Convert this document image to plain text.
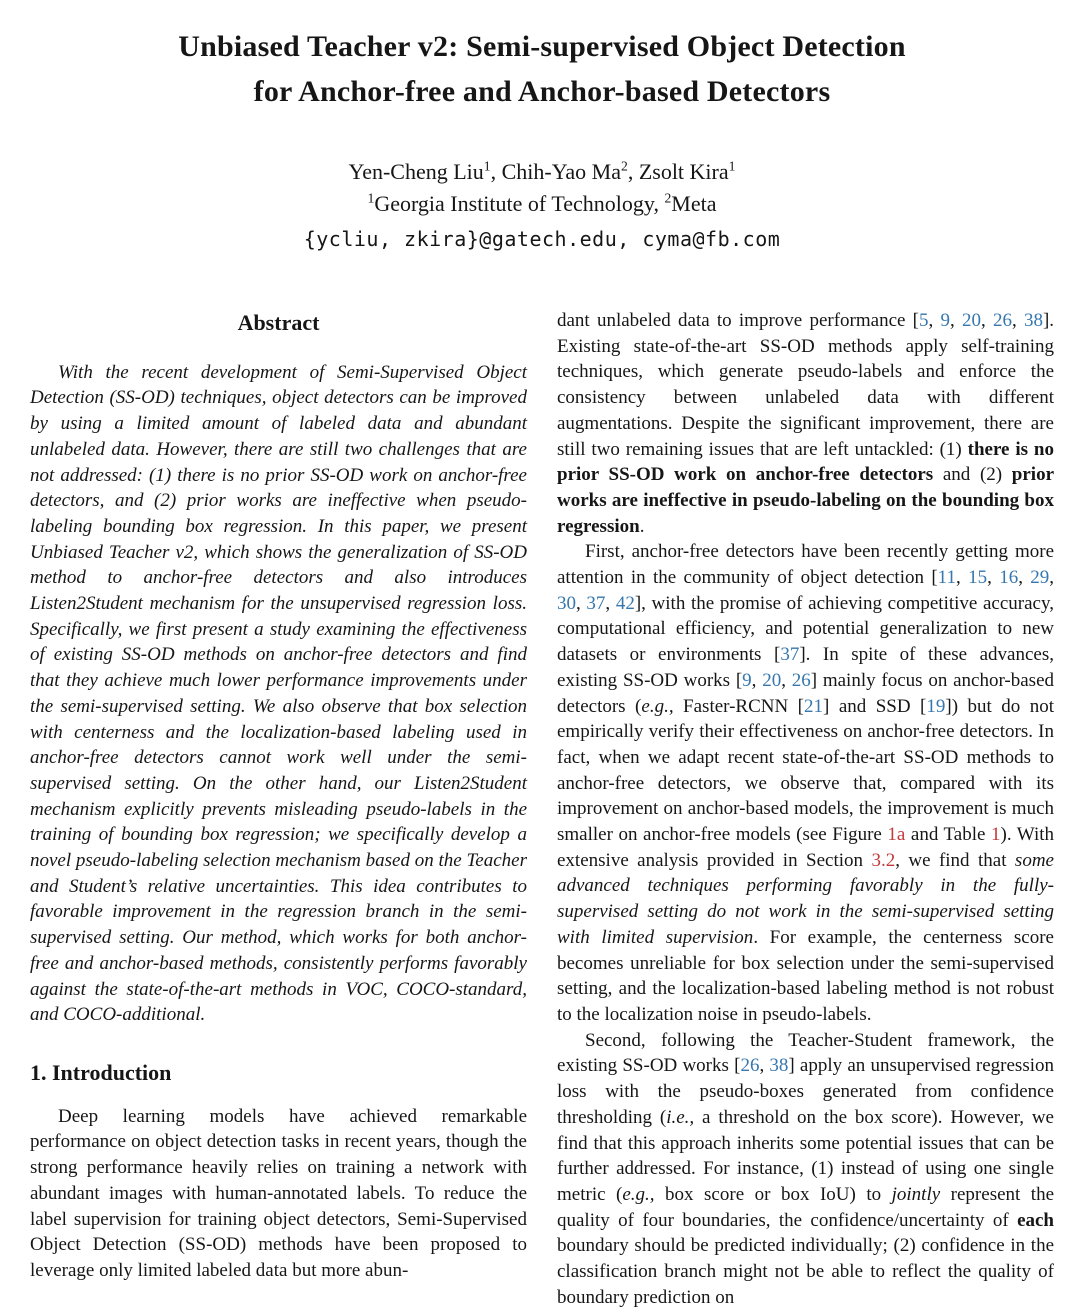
Unbiased Teacher v2: Semi-supervised Object Detection
for Anchor-free and Anchor-based Detectors
Yen-Cheng Liu$^1$, Chih-Yao Ma$^2$, Zsolt Kira$^1$
$^1$Georgia Institute of Technology, $^2$Meta
{ycliu, zkira}@gatech.edu, cyma@fb.com
Abstract

With the recent development of Semi-Supervised Object Detection (SS-OD) techniques, object detectors can be improved by using a limited amount of labeled data and abundant unlabeled data. However, there are still two challenges that are not addressed: (1) there is no prior SS-OD work on anchor-free detectors, and (2) prior works are ineffective when pseudo-labeling bounding box regression. In this paper, we present Unbiased Teacher v2, which shows the generalization of SS-OD method to anchor-free detectors and also introduces Listen2Student mechanism for the unsupervised regression loss. Specifically, we first present a study examining the effectiveness of existing SS-OD methods on anchor-free detectors and find that they achieve much lower performance improvements under the semi-supervised setting. We also observe that box selection with centerness and the localization-based labeling used in anchor-free detectors cannot work well under the semi-supervised setting. On the other hand, our Listen2Student mechanism explicitly prevents misleading pseudo-labels in the training of bounding box regression; we specifically develop a novel pseudo-labeling selection mechanism based on the Teacher and Student’s relative uncertainties. This idea contributes to favorable improvement in the regression branch in the semi-supervised setting. Our method, which works for both anchor-free and anchor-based methods, consistently performs favorably against the state-of-the-art methods in VOC, COCO-standard, and COCO-additional.

1. Introduction

Deep learning models have achieved remarkable performance on object detection tasks in recent years, though the strong performance heavily relies on training a network with abundant images with human-annotated labels. To reduce the label supervision for training object detectors, Semi-Supervised Object Detection (SS-OD) methods have been proposed to leverage only limited labeled data but more abun-

dant unlabeled data to improve performance [5, 9, 20, 26, 38]. Existing state-of-the-art SS-OD methods apply self-training techniques, which generate pseudo-labels and enforce the consistency between unlabeled data with different augmentations. Despite the significant improvement, there are still two remaining issues that are left untackled: (1) there is no prior SS-OD work on anchor-free detectors and (2) prior works are ineffective in pseudo-labeling on the bounding box regression.

First, anchor-free detectors have been recently getting more attention in the community of object detection [11, 15, 16, 29, 30, 37, 42], with the promise of achieving competitive accuracy, computational efficiency, and potential generalization to new datasets or environments [37]. In spite of these advances, existing SS-OD works [9, 20, 26] mainly focus on anchor-based detectors (e.g., Faster-RCNN [21] and SSD [19]) but do not empirically verify their effectiveness on anchor-free detectors. In fact, when we adapt recent state-of-the-art SS-OD methods to anchor-free detectors, we observe that, compared with its improvement on anchor-based models, the improvement is much smaller on anchor-free models (see Figure 1a and Table 1). With extensive analysis provided in Section 3.2, we find that some advanced techniques performing favorably in the fully-supervised setting do not work in the semi-supervised setting with limited supervision. For example, the centerness score becomes unreliable for box selection under the semi-supervised setting, and the localization-based labeling method is not robust to the localization noise in pseudo-labels.

Second, following the Teacher-Student framework, the existing SS-OD works [26, 38] apply an unsupervised regression loss with the pseudo-boxes generated from confidence thresholding (i.e., a threshold on the box score). However, we find that this approach inherits some potential issues that can be further addressed. For instance, (1) instead of using one single metric (e.g., box score or box IoU) to jointly represent the quality of four boundaries, the confidence/uncertainty of each boundary should be predicted individually; (2) confidence in the classification branch might not be able to reflect the quality of boundary prediction on
